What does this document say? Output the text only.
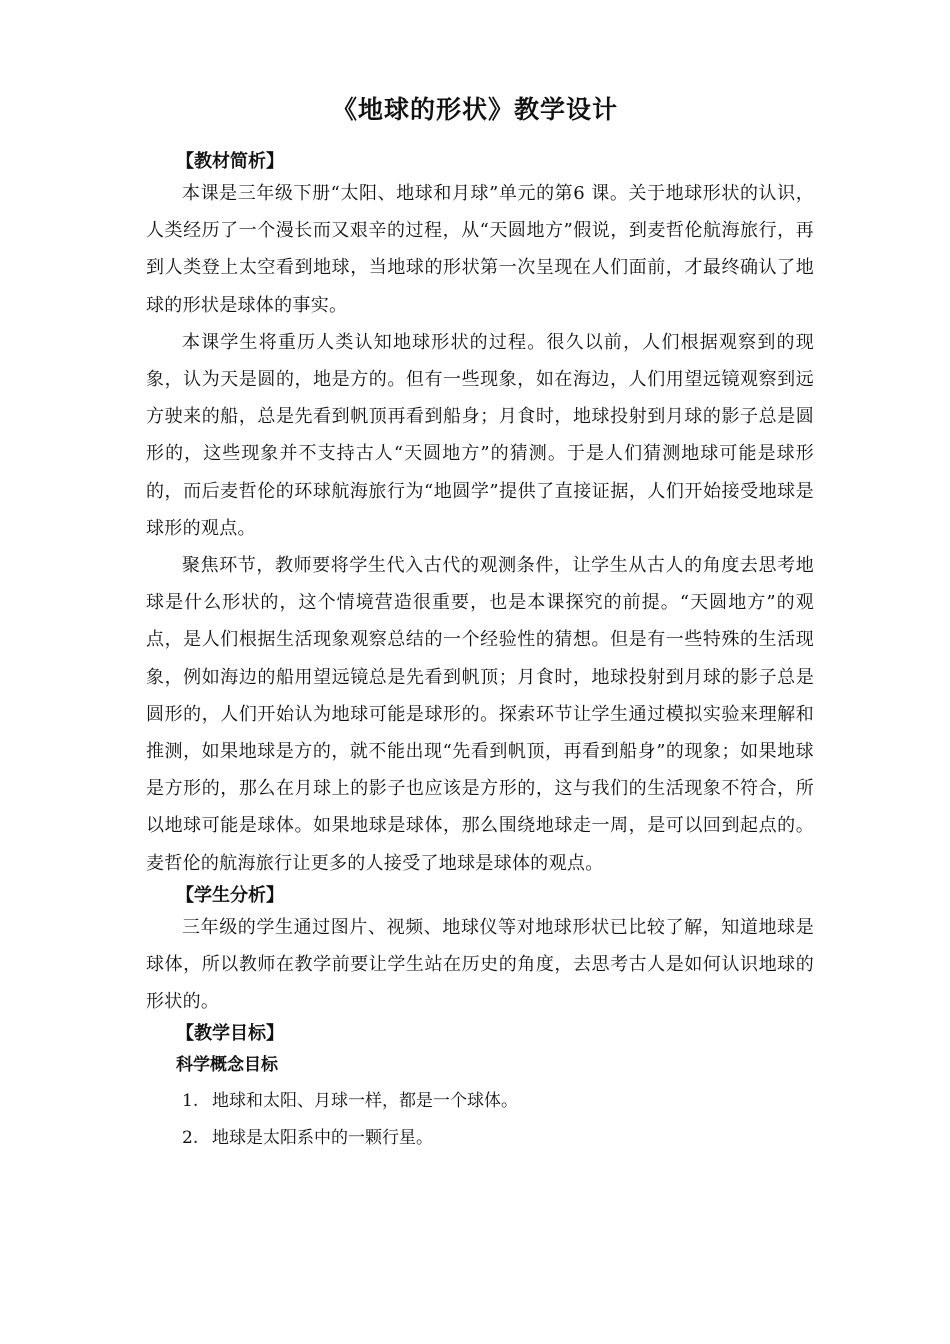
《地球的形状》教学设计
【教材简析】

本课是三年级下册“太阳、地球和月球”单元的第6 课。关于地球形状的认识，人类经历了一个漫长而又艰辛的过程，从“天圆地方”假说，到麦哲伦航海旅行，再到人类登上太空看到地球，当地球的形状第一次呈现在人们面前，才最终确认了地球的形状是球体的事实。

本课学生将重历人类认知地球形状的过程。很久以前，人们根据观察到的现象，认为天是圆的，地是方的。但有一些现象，如在海边，人们用望远镜观察到远方驶来的船，总是先看到帆顶再看到船身；月食时，地球投射到月球的影子总是圆形的，这些现象并不支持古人“天圆地方”的猜测。于是人们猜测地球可能是球形的，而后麦哲伦的环球航海旅行为“地圆学”提供了直接证据，人们开始接受地球是球形的观点。

聚焦环节，教师要将学生代入古代的观测条件，让学生从古人的角度去思考地球是什么形状的，这个情境营造很重要，也是本课探究的前提。“天圆地方”的观点，是人们根据生活现象观察总结的一个经验性的猜想。但是有一些特殊的生活现象，例如海边的船用望远镜总是先看到帆顶；月食时，地球投射到月球的影子总是圆形的，人们开始认为地球可能是球形的。探索环节让学生通过模拟实验来理解和推测，如果地球是方的，就不能出现“先看到帆顶，再看到船身”的现象；如果地球是方形的，那么在月球上的影子也应该是方形的，这与我们的生活现象不符合，所以地球可能是球体。如果地球是球体，那么围绕地球走一周，是可以回到起点的。麦哲伦的航海旅行让更多的人接受了地球是球体的观点。

【学生分析】

三年级的学生通过图片、视频、地球仪等对地球形状已比较了解，知道地球是球体，所以教师在教学前要让学生站在历史的角度，去思考古人是如何认识地球的形状的。

【教学目标】
科学概念目标
1. 地球和太阳、月球一样，都是一个球体。
2. 地球是太阳系中的一颗行星。
